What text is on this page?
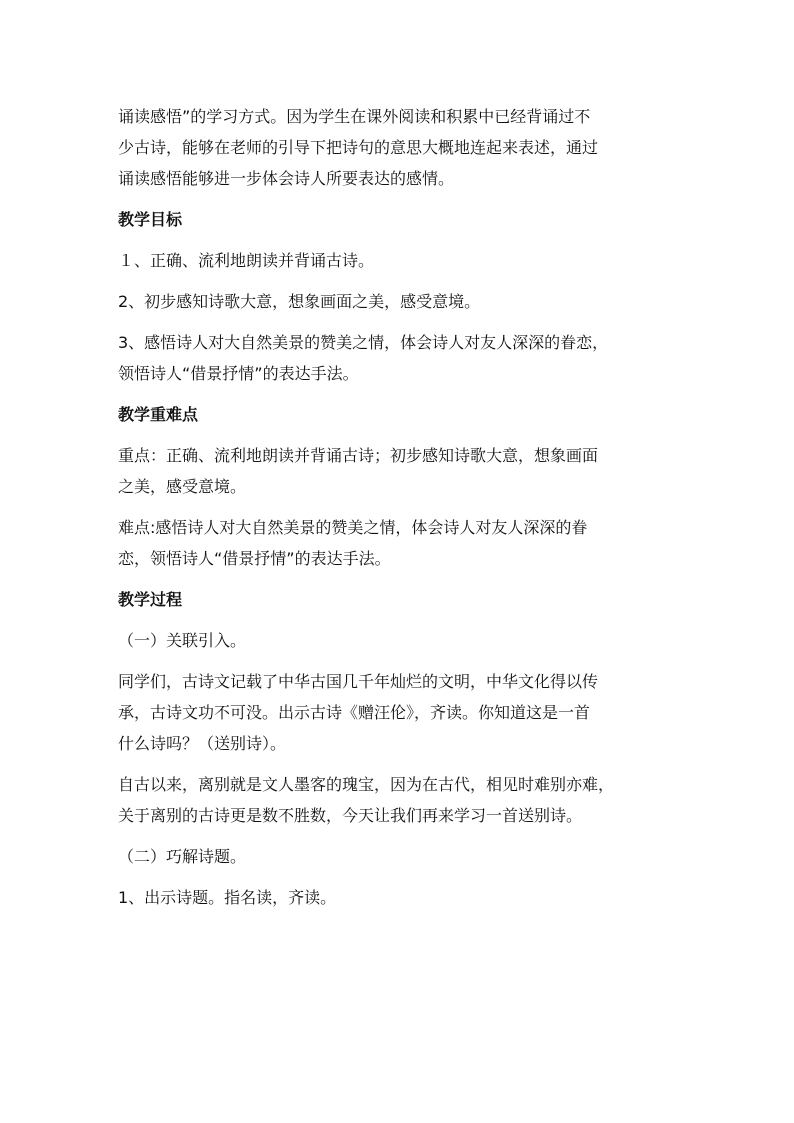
诵读感悟”的学习方式。因为学生在课外阅读和积累中已经背诵过不
少古诗，能够在老师的引导下把诗句的意思大概地连起来表述，通过
诵读感悟能够进一步体会诗人所要表达的感情。
教学目标
１、正确、流利地朗读并背诵古诗。
2、初步感知诗歌大意，想象画面之美，感受意境。
3、感悟诗人对大自然美景的赞美之情，体会诗人对友人深深的眷恋，
领悟诗人“借景抒情”的表达手法。
教学重难点
重点：正确、流利地朗读并背诵古诗；初步感知诗歌大意，想象画面
之美，感受意境。
难点:感悟诗人对大自然美景的赞美之情，体会诗人对友人深深的眷
恋，领悟诗人“借景抒情”的表达手法。
教学过程
（一）关联引入。
同学们，古诗文记载了中华古国几千年灿烂的文明，中华文化得以传
承，古诗文功不可没。出示古诗《赠汪伦》，齐读。你知道这是一首
什么诗吗？（送别诗）。
自古以来，离别就是文人墨客的瑰宝，因为在古代，相见时难别亦难，
关于离别的古诗更是数不胜数，今天让我们再来学习一首送别诗。
（二）巧解诗题。
1、出示诗题。指名读，齐读。
